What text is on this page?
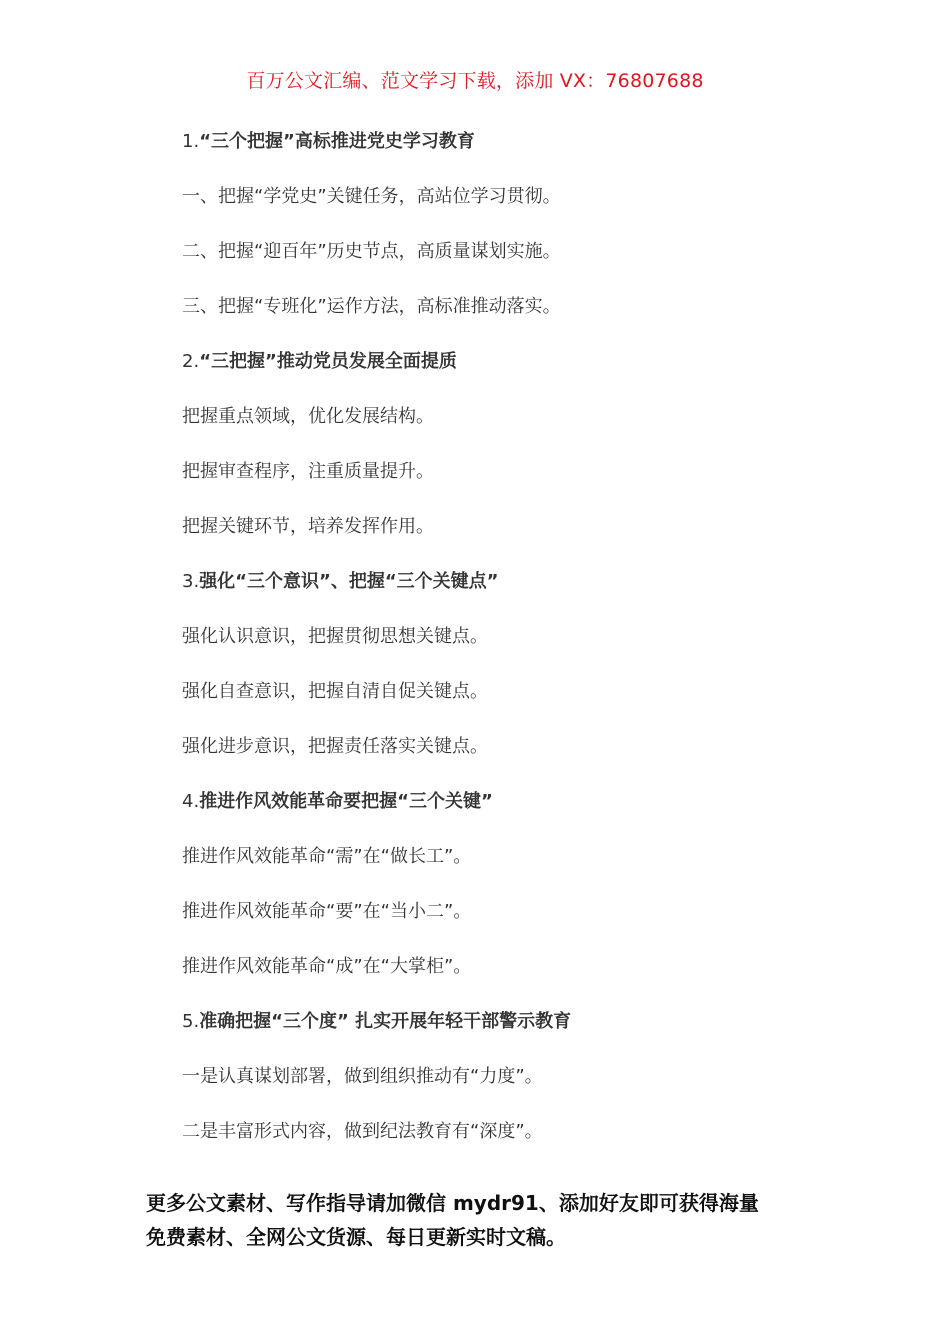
百万公文汇编、范文学习下载，添加 VX：76807688
1.“三个把握”高标推进党史学习教育
一、把握“学党史”关键任务，高站位学习贯彻。
二、把握“迎百年”历史节点，高质量谋划实施。
三、把握“专班化”运作方法，高标准推动落实。
2.“三把握”推动党员发展全面提质
把握重点领域，优化发展结构。
把握审查程序，注重质量提升。
把握关键环节，培养发挥作用。
3.强化“三个意识”、把握“三个关键点”
强化认识意识，把握贯彻思想关键点。
强化自查意识，把握自清自促关键点。
强化进步意识，把握责任落实关键点。
4.推进作风效能革命要把握“三个关键”
推进作风效能革命“需”在“做长工”。
推进作风效能革命“要”在“当小二”。
推进作风效能革命“成”在“大掌柜”。
5.准确把握“三个度” 扎实开展年轻干部警示教育
一是认真谋划部署，做到组织推动有“力度”。
二是丰富形式内容，做到纪法教育有“深度”。
更多公文素材、写作指导请加微信 mydr91、添加好友即可获得海量
免费素材、全网公文货源、每日更新实时文稿。
